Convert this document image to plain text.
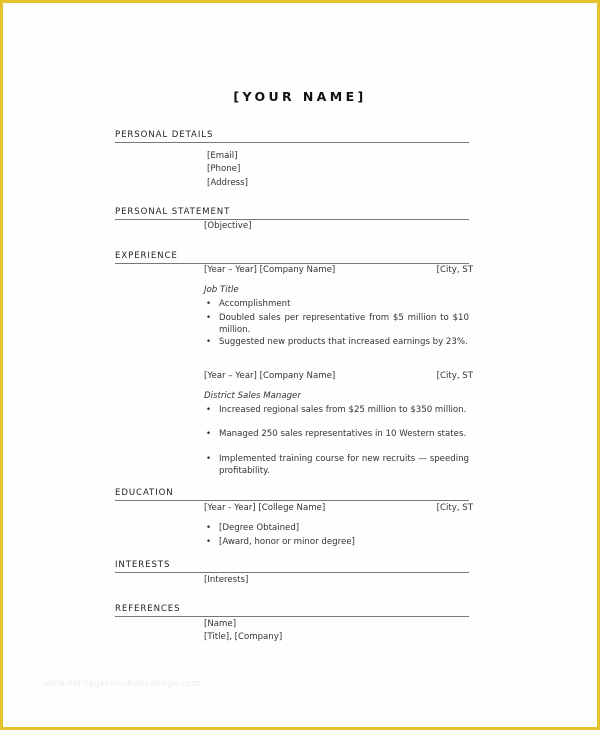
[YOUR NAME]
PERSONAL DETAILS
[Email]
[Phone]
[Address]
PERSONAL STATEMENT
[Objective]
EXPERIENCE
[Year – Year] [Company Name]	[City, ST
Job Title
• Accomplishment
• Doubled sales per representative from $5 million to $10 million.
• Suggested new products that increased earnings by 23%.
[Year – Year] [Company Name]	[City, ST
District Sales Manager
• Increased regional sales from $25 million to $350 million.
• Managed 250 sales representatives in 10 Western states.
• Implemented training course for new recruits — speeding profitability.
EDUCATION
[Year - Year] [College Name]	[City, ST
• [Degree Obtained]
• [Award, honor or minor degree]
INTERESTS
[Interests]
REFERENCES
[Name]
[Title], [Company]
www.heritagechristiancollege.com
